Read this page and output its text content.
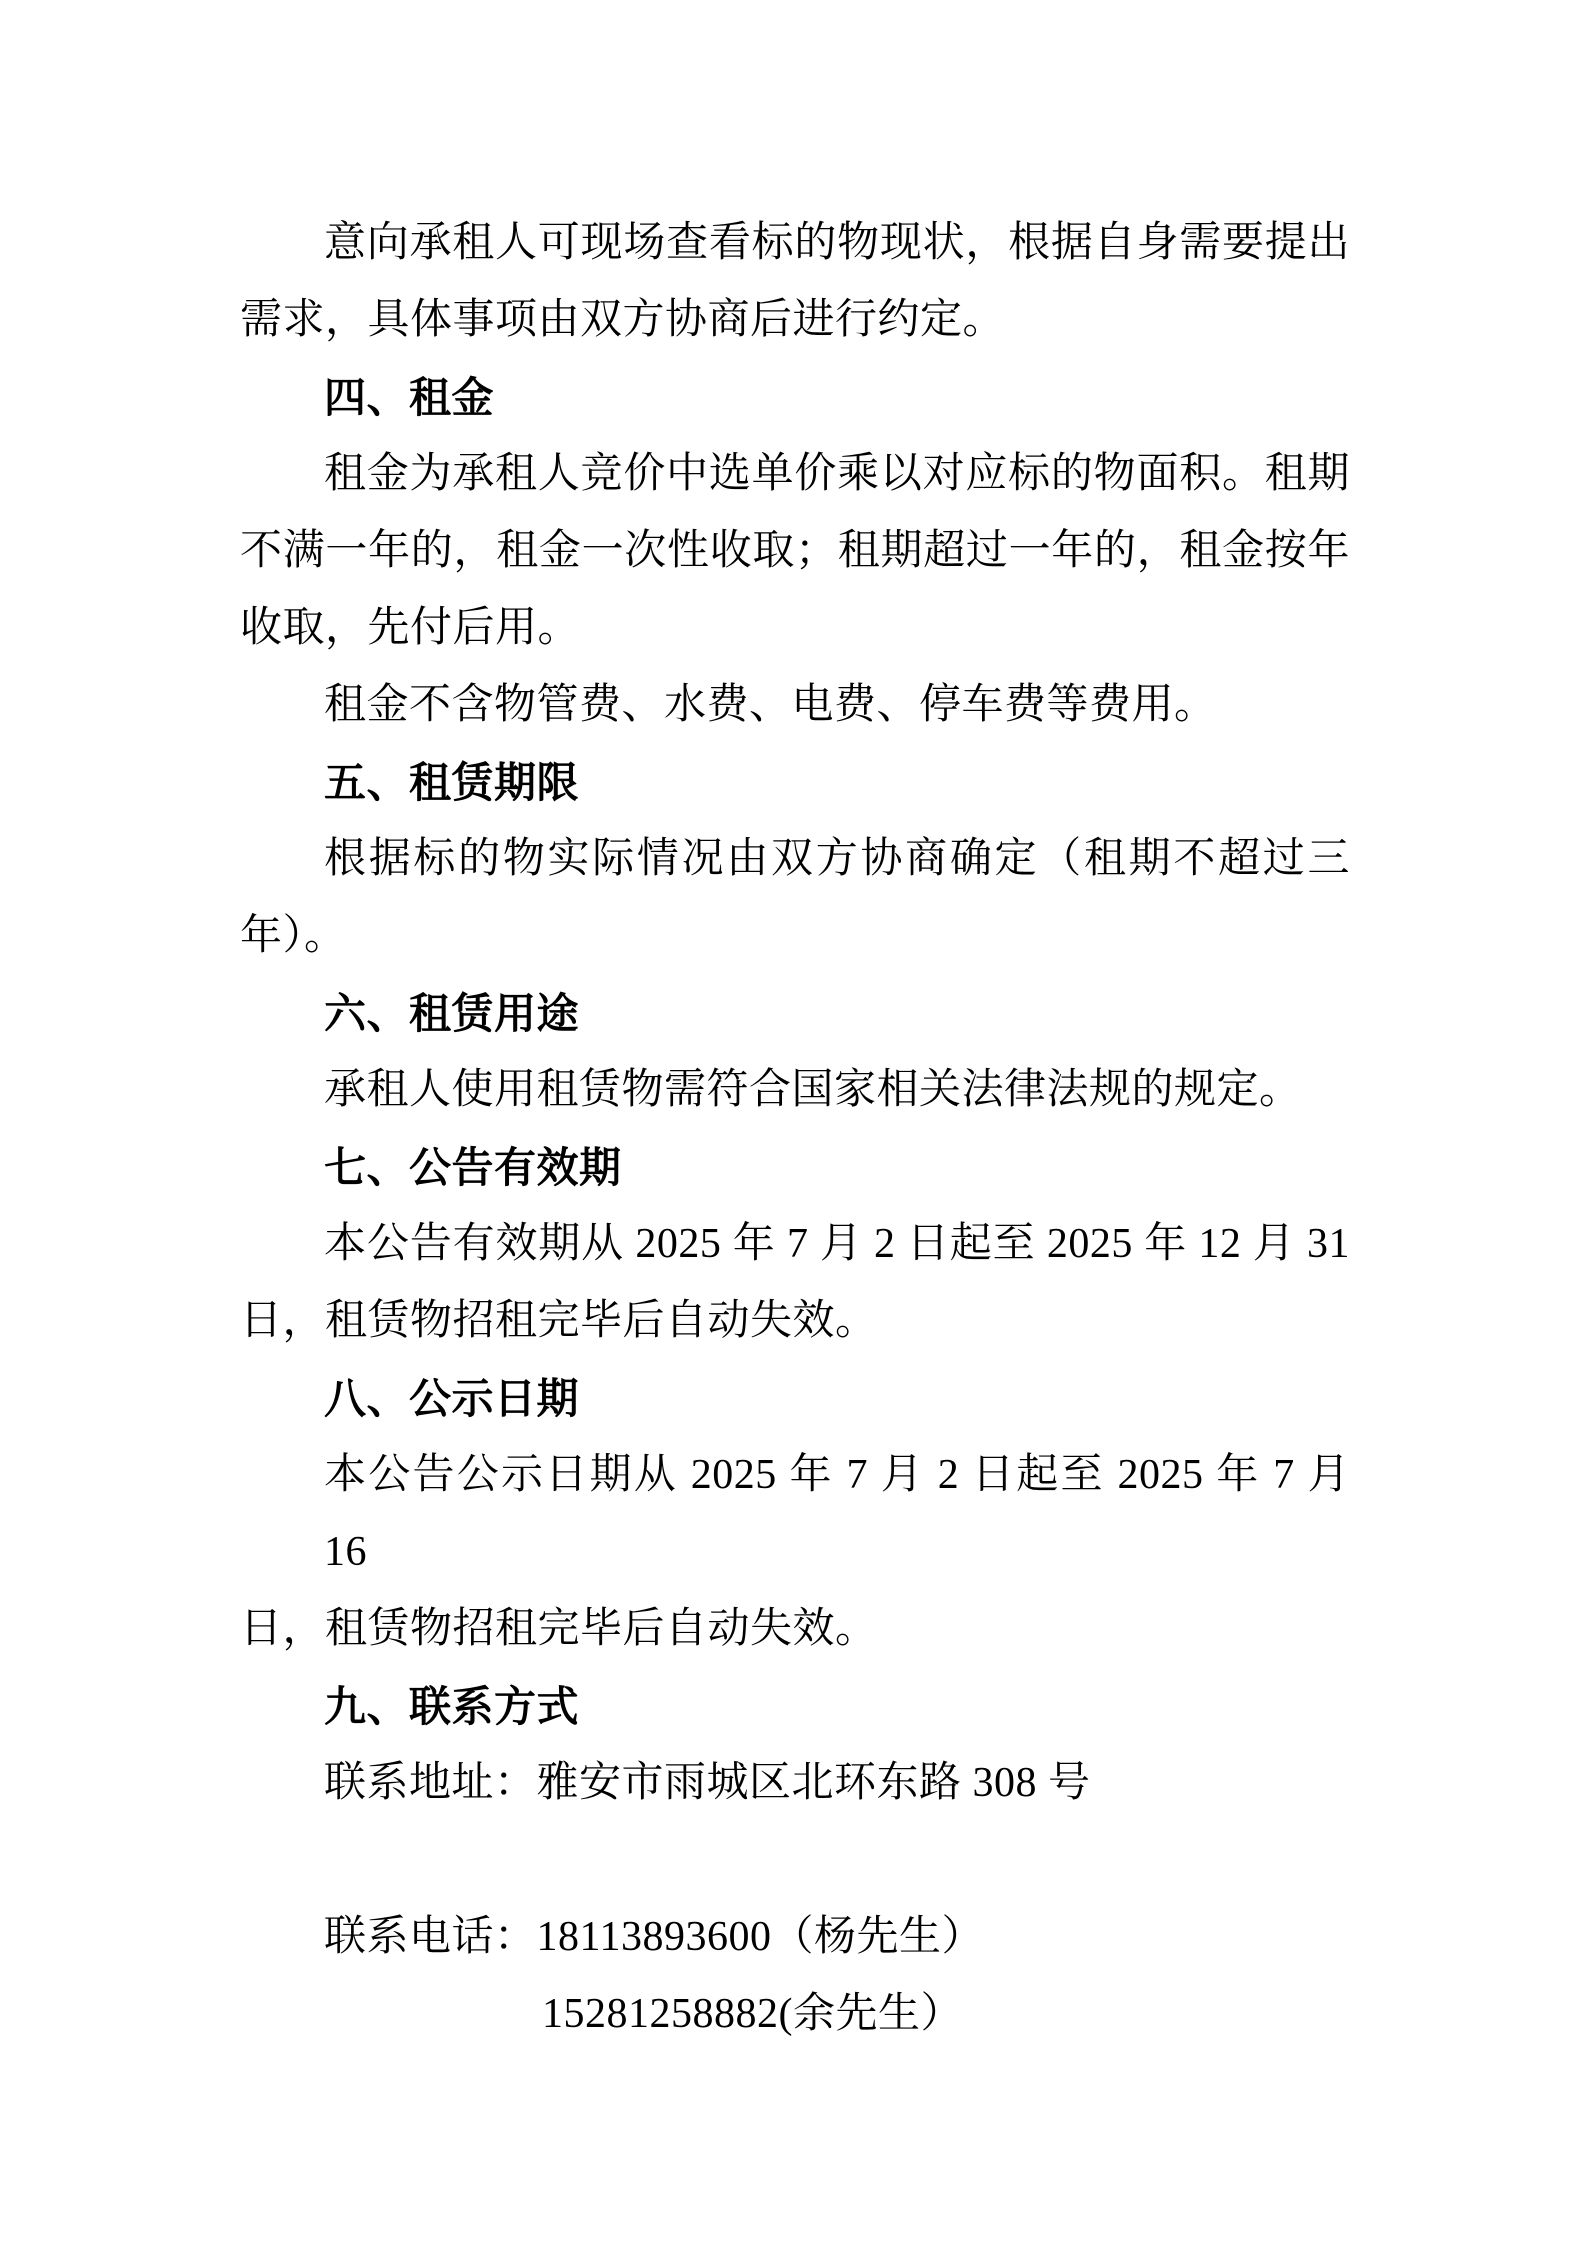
意向承租人可现场查看标的物现状，根据自身需要提出
需求，具体事项由双方协商后进行约定。
四、租金
租金为承租人竞价中选单价乘以对应标的物面积。租期
不满一年的，租金一次性收取；租期超过一年的，租金按年
收取，先付后用。
租金不含物管费、水费、电费、停车费等费用。
五、租赁期限
根据标的物实际情况由双方协商确定（租期不超过三
年）。
六、租赁用途
承租人使用租赁物需符合国家相关法律法规的规定。
七、公告有效期
本公告有效期从 2025 年 7 月 2 日起至 2025 年 12 月 31
日，租赁物招租完毕后自动失效。
八、公示日期
本公告公示日期从 2025 年 7 月 2 日起至 2025 年 7 月 16
日，租赁物招租完毕后自动失效。
九、联系方式
联系地址：雅安市雨城区北环东路 308 号
联系电话：18113893600（杨先生）
15281258882(余先生）
